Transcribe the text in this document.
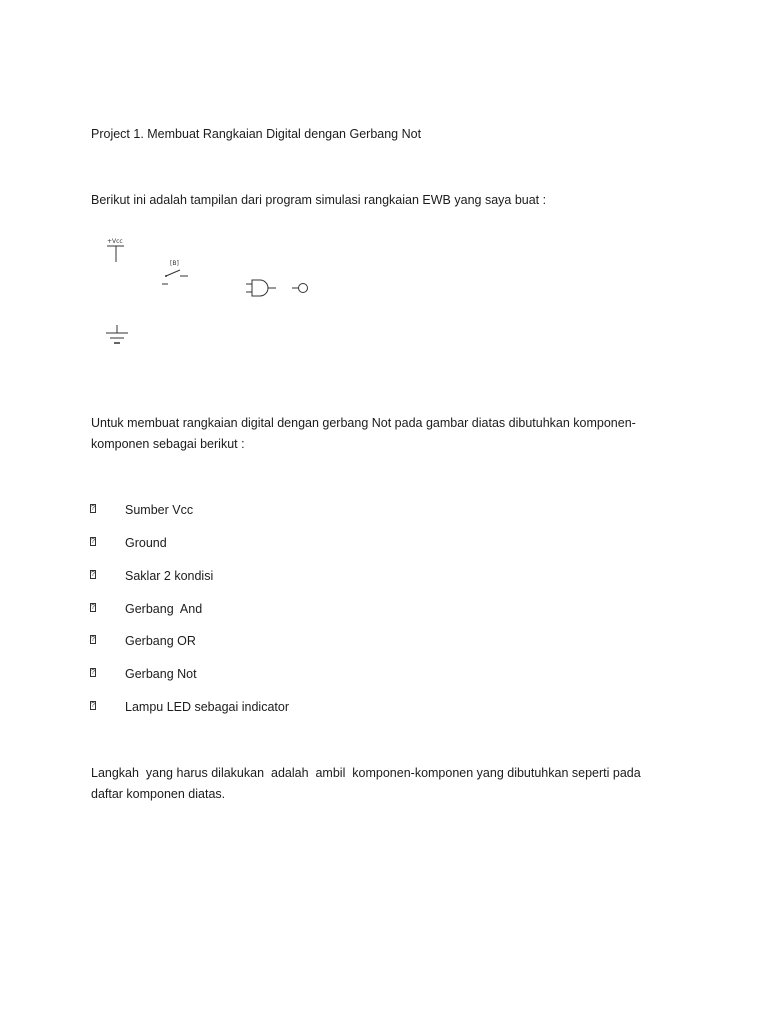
Project 1. Membuat Rangkaian Digital dengan Gerbang Not
Berikut ini adalah tampilan dari program simulasi rangkaian EWB yang saya buat :
+Vcc
[B]
Untuk membuat rangkaian digital dengan gerbang Not pada gambar diatas dibutuhkan komponen-
komponen sebagai berikut :
? Sumber Vcc
? Ground
? Saklar 2 kondisi
? Gerbang  And
? Gerbang OR
? Gerbang Not
? Lampu LED sebagai indicator
Langkah  yang harus dilakukan  adalah  ambil  komponen-komponen yang dibutuhkan seperti pada
daftar komponen diatas.
